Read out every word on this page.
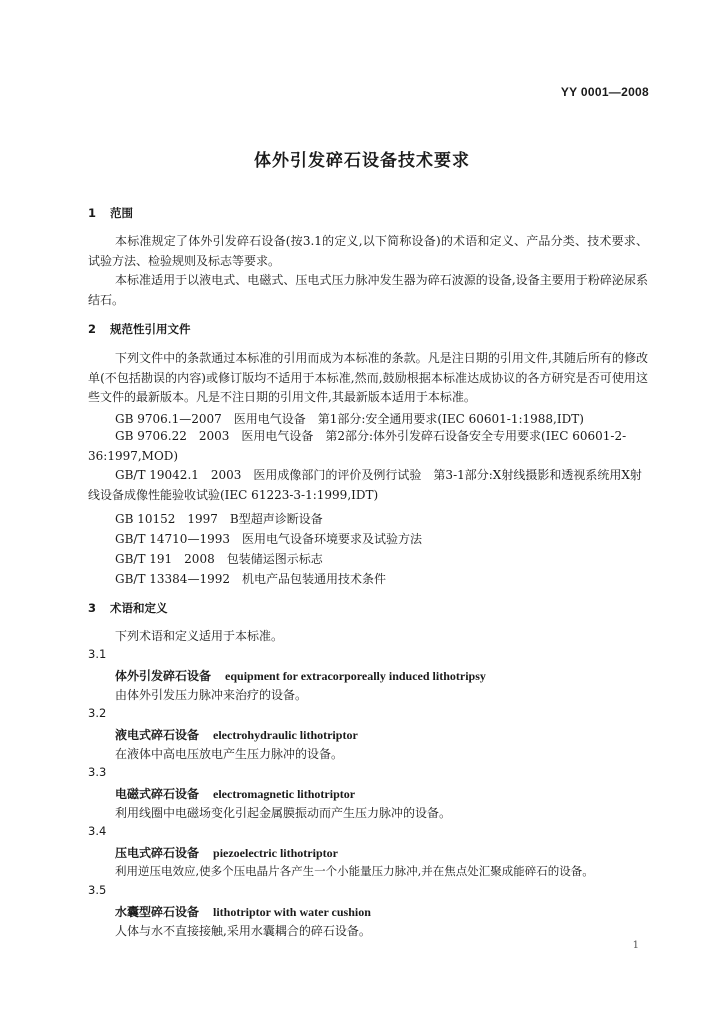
YY 0001—2008
体外引发碎石设备技术要求
1 范围
本标准规定了体外引发碎石设备(按3.1的定义,以下简称设备)的术语和定义、产品分类、技术要求、试验方法、检验规则及标志等要求。
本标准适用于以液电式、电磁式、压电式压力脉冲发生器为碎石波源的设备,设备主要用于粉碎泌尿系结石。
2 规范性引用文件
下列文件中的条款通过本标准的引用而成为本标准的条款。凡是注日期的引用文件,其随后所有的修改单(不包括勘误的内容)或修订版均不适用于本标准,然而,鼓励根据本标准达成协议的各方研究是否可使用这些文件的最新版本。凡是不注日期的引用文件,其最新版本适用于本标准。
GB 9706.1—2007　医用电气设备　第1部分:安全通用要求(IEC 60601-1:1988,IDT)
GB 9706.22　2003　医用电气设备　第2部分:体外引发碎石设备安全专用要求(IEC 60601-2-36:1997,MOD)
GB/T 19042.1　2003　医用成像部门的评价及例行试验　第3-1部分:X射线摄影和透视系统用X射线设备成像性能验收试验(IEC 61223-3-1:1999,IDT)
GB 10152　1997　B型超声诊断设备
GB/T 14710—1993　医用电气设备环境要求及试验方法
GB/T 191　2008　包装储运图示标志
GB/T 13384—1992　机电产品包装通用技术条件
3 术语和定义
下列术语和定义适用于本标准。
3.1
体外引发碎石设备 equipment for extracorporeally induced lithotripsy
由体外引发压力脉冲来治疗的设备。
3.2
液电式碎石设备 electrohydraulic lithotriptor
在液体中高电压放电产生压力脉冲的设备。
3.3
电磁式碎石设备 electromagnetic lithotriptor
利用线圈中电磁场变化引起金属膜振动而产生压力脉冲的设备。
3.4
压电式碎石设备 piezoelectric lithotriptor
利用逆压电效应,使多个压电晶片各产生一个小能量压力脉冲,并在焦点处汇聚成能碎石的设备。
3.5
水囊型碎石设备 lithotriptor with water cushion
人体与水不直接接触,采用水囊耦合的碎石设备。
1
